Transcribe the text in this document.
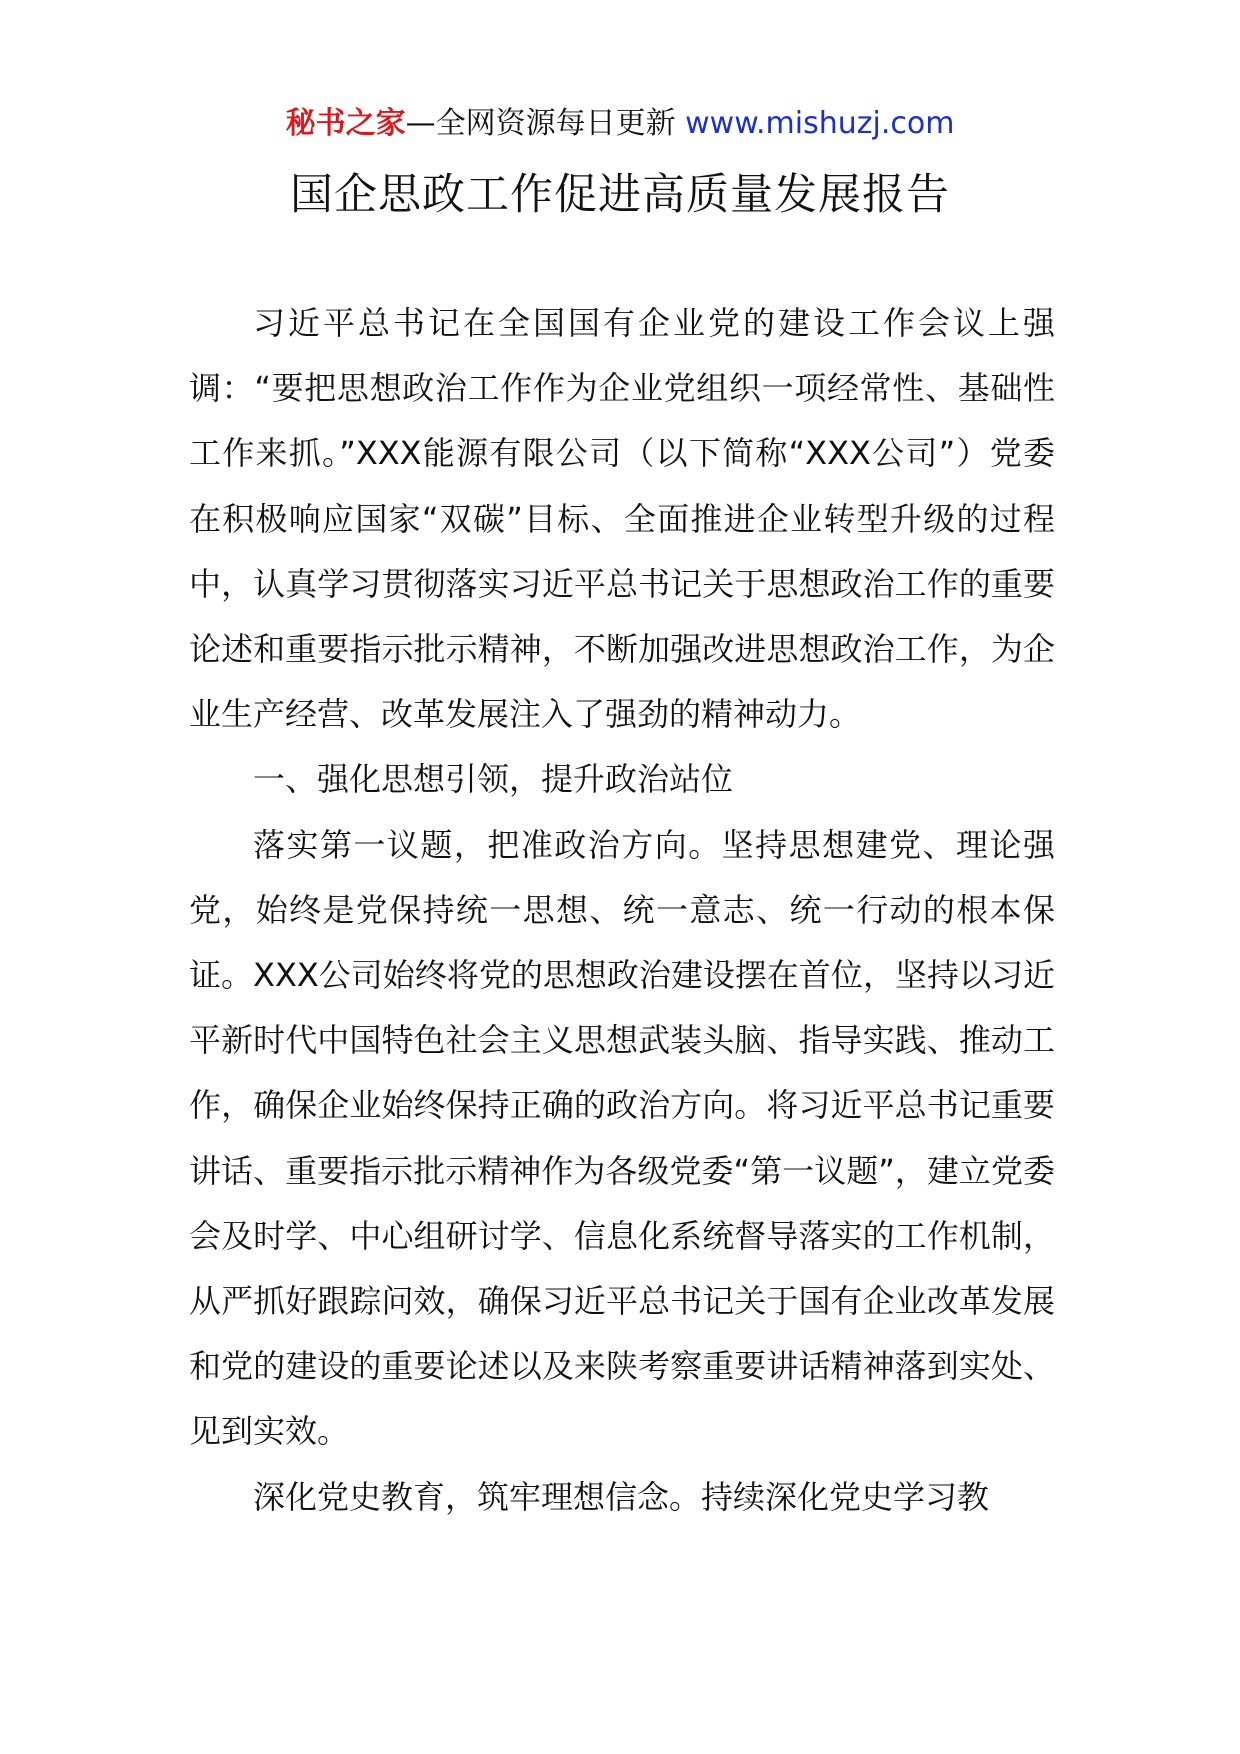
秘书之家—全网资源每日更新 www.mishuzj.com
国企思政工作促进高质量发展报告

习近平总书记在全国国有企业党的建设工作会议上强调：“要把思想政治工作作为企业党组织一项经常性、基础性工作来抓。”XXX能源有限公司（以下简称“XXX公司”）党委在积极响应国家“双碳”目标、全面推进企业转型升级的过程中，认真学习贯彻落实习近平总书记关于思想政治工作的重要论述和重要指示批示精神，不断加强改进思想政治工作，为企业生产经营、改革发展注入了强劲的精神动力。

一、强化思想引领，提升政治站位

落实第一议题，把准政治方向。坚持思想建党、理论强党，始终是党保持统一思想、统一意志、统一行动的根本保证。XXX公司始终将党的思想政治建设摆在首位，坚持以习近平新时代中国特色社会主义思想武装头脑、指导实践、推动工作，确保企业始终保持正确的政治方向。将习近平总书记重要讲话、重要指示批示精神作为各级党委“第一议题”，建立党委会及时学、中心组研讨学、信息化系统督导落实的工作机制，从严抓好跟踪问效，确保习近平总书记关于国有企业改革发展和党的建设的重要论述以及来陕考察重要讲话精神落到实处、见到实效。

深化党史教育，筑牢理想信念。持续深化党史学习教
